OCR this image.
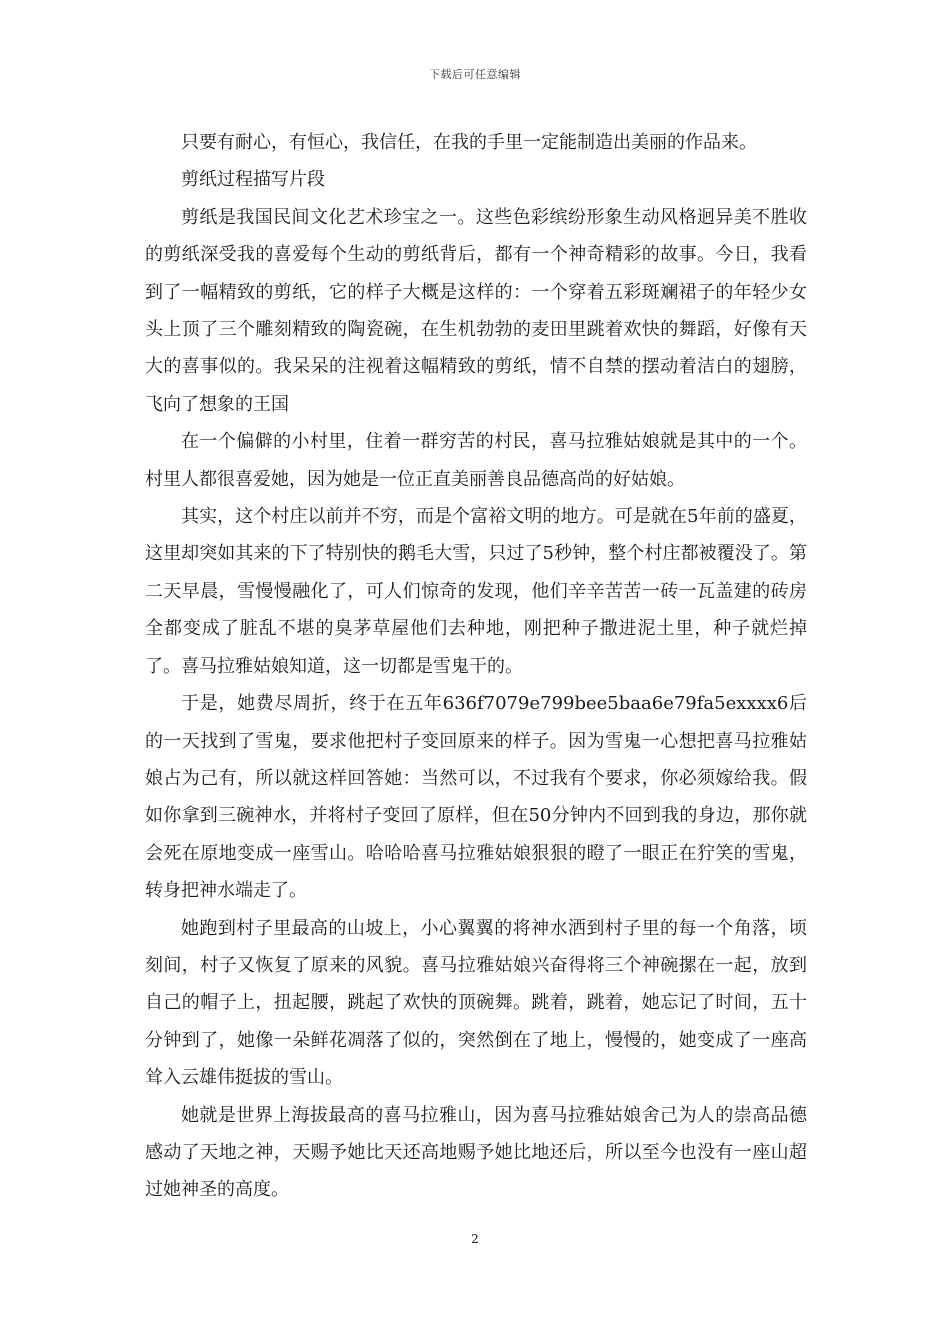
下载后可任意编辑

只要有耐心，有恒心，我信任，在我的手里一定能制造出美丽的作品来。

剪纸过程描写片段

剪纸是我国民间文化艺术珍宝之一。这些色彩缤纷形象生动风格迥异美不胜收的剪纸深受我的喜爱每个生动的剪纸背后，都有一个神奇精彩的故事。今日，我看到了一幅精致的剪纸，它的样子大概是这样的：一个穿着五彩斑斓裙子的年轻少女头上顶了三个雕刻精致的陶瓷碗，在生机勃勃的麦田里跳着欢快的舞蹈，好像有天大的喜事似的。我呆呆的注视着这幅精致的剪纸，情不自禁的摆动着洁白的翅膀，飞向了想象的王国

在一个偏僻的小村里，住着一群穷苦的村民，喜马拉雅姑娘就是其中的一个。村里人都很喜爱她，因为她是一位正直美丽善良品德高尚的好姑娘。

其实，这个村庄以前并不穷，而是个富裕文明的地方。可是就在5年前的盛夏，这里却突如其来的下了特别快的鹅毛大雪，只过了5秒钟，整个村庄都被覆没了。第二天早晨，雪慢慢融化了，可人们惊奇的发现，他们辛辛苦苦一砖一瓦盖建的砖房全都变成了脏乱不堪的臭茅草屋他们去种地，刚把种子撒进泥土里，种子就烂掉了。喜马拉雅姑娘知道，这一切都是雪鬼干的。

于是，她费尽周折，终于在五年636f7079e799bee5baa6e79fa5exxxx6后的一天找到了雪鬼，要求他把村子变回原来的样子。因为雪鬼一心想把喜马拉雅姑娘占为己有，所以就这样回答她：当然可以，不过我有个要求，你必须嫁给我。假如你拿到三碗神水，并将村子变回了原样，但在50分钟内不回到我的身边，那你就会死在原地变成一座雪山。哈哈哈喜马拉雅姑娘狠狠的瞪了一眼正在狞笑的雪鬼，转身把神水端走了。

她跑到村子里最高的山坡上，小心翼翼的将神水洒到村子里的每一个角落，顷刻间，村子又恢复了原来的风貌。喜马拉雅姑娘兴奋得将三个神碗摞在一起，放到自己的帽子上，扭起腰，跳起了欢快的顶碗舞。跳着，跳着，她忘记了时间，五十分钟到了，她像一朵鲜花凋落了似的，突然倒在了地上，慢慢的，她变成了一座高耸入云雄伟挺拔的雪山。

她就是世界上海拔最高的喜马拉雅山，因为喜马拉雅姑娘舍己为人的崇高品德感动了天地之神，天赐予她比天还高地赐予她比地还后，所以至今也没有一座山超过她神圣的高度。

2
